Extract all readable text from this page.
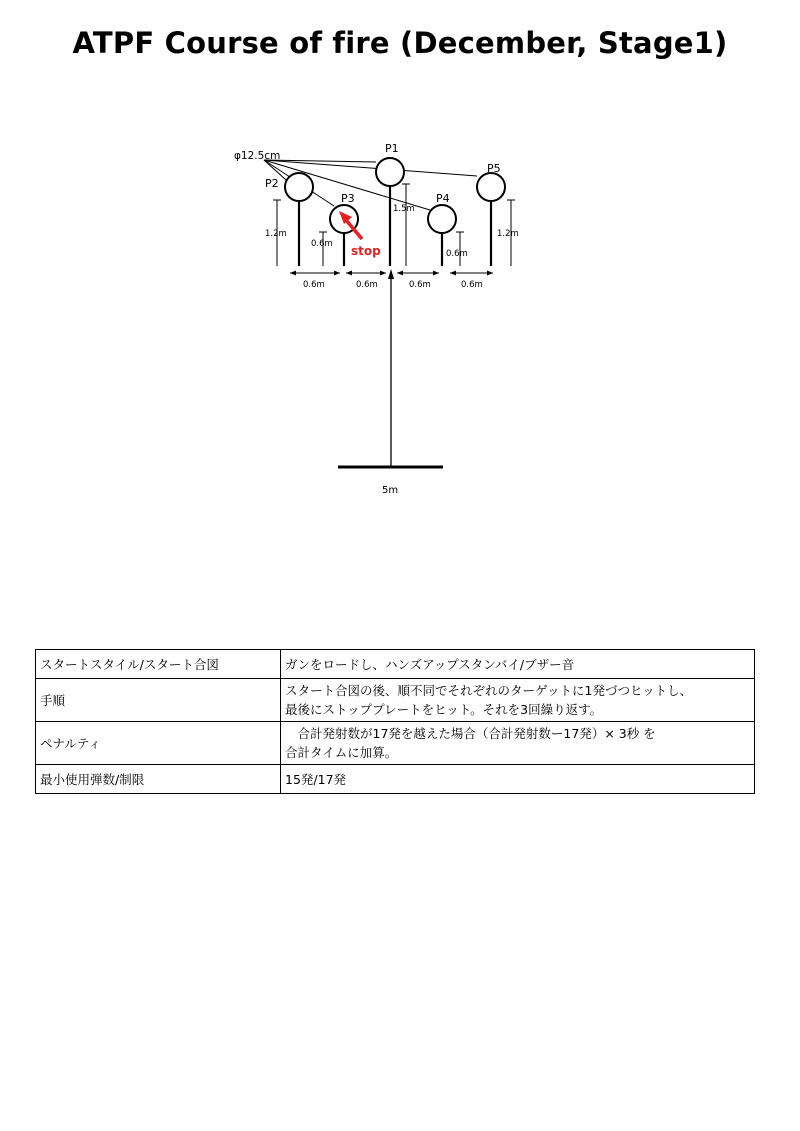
ATPF Course of fire (December, Stage1)
φ12.5cm
P1
P2
P3	P4
P5
1.2m
0.6m
1.5m
0.6m
1.2m
stop
0.6m	0.6m	0.6m	0.6m
5m
スタートスタイル/スタート合図	ガンをロードし、ハンズアップスタンバイ/ブザー音

手順	スタート合図の後、順不同でそれぞれのターゲットに1発づつヒットし、
最後にストッププレートをヒット。それを3回繰り返す。

ペナルティ	　合計発射数が17発を越えた場合（合計発射数ー17発）× 3秒 を
合計タイムに加算。

最小使用弾数/制限	15発/17発
